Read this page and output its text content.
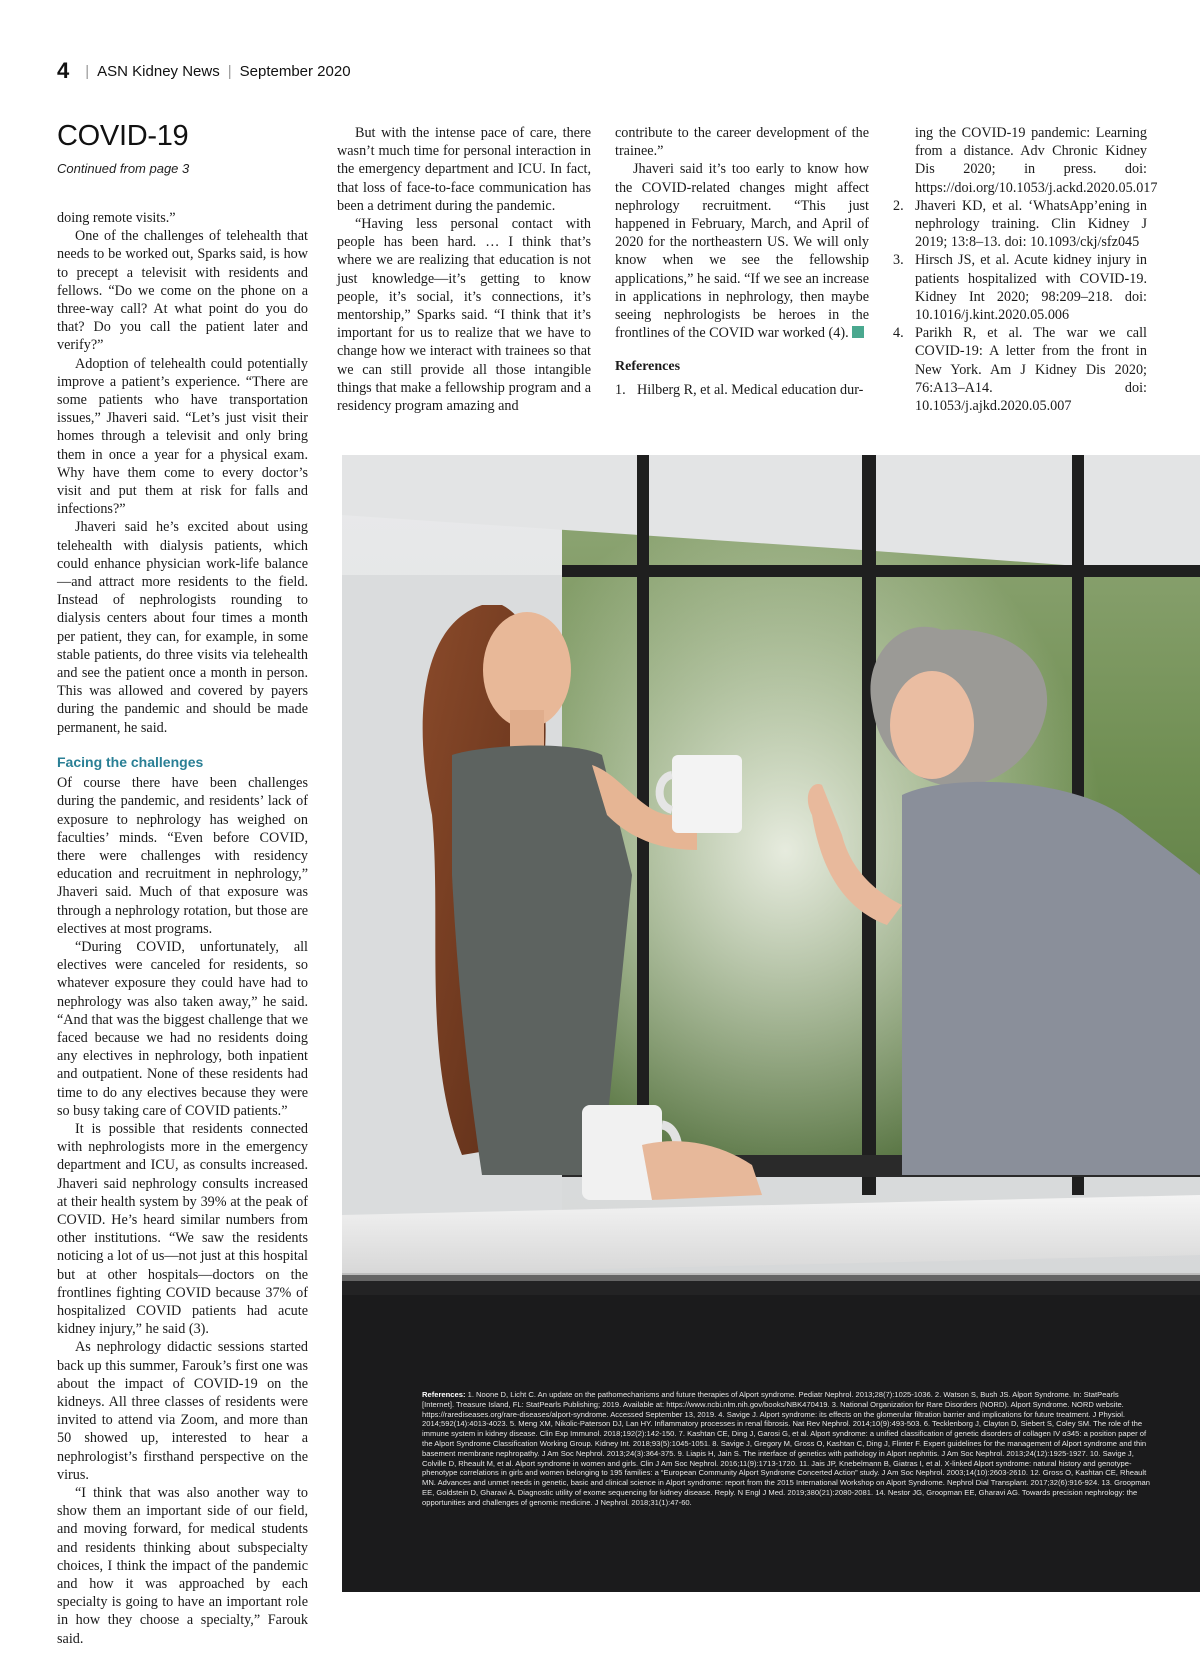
4 | ASN Kidney News | September 2020
COVID-19
Continued from page 3

doing remote visits.”

One of the challenges of telehealth that needs to be worked out, Sparks said, is how to precept a televisit with residents and fellows. “Do we come on the phone on a three-way call? At what point do you do that? Do you call the patient later and verify?”

Adoption of telehealth could potentially improve a patient’s experience. “There are some patients who have transportation issues,” Jhaveri said. “Let’s just visit their homes through a televisit and only bring them in once a year for a physical exam. Why have them come to every doctor’s visit and put them at risk for falls and infections?”

Jhaveri said he’s excited about using telehealth with dialysis patients, which could enhance physician work-life balance—and attract more residents to the field. Instead of nephrologists rounding to dialysis centers about four times a month per patient, they can, for example, in some stable patients, do three visits via telehealth and see the patient once a month in person. This was allowed and covered by payers during the pandemic and should be made permanent, he said.

Facing the challenges

Of course there have been challenges during the pandemic, and residents’ lack of exposure to nephrology has weighed on faculties’ minds. “Even before COVID, there were challenges with residency education and recruitment in nephrology,” Jhaveri said. Much of that exposure was through a nephrology rotation, but those are electives at most programs.

“During COVID, unfortunately, all electives were canceled for residents, so whatever exposure they could have had to nephrology was also taken away,” he said. “And that was the biggest challenge that we faced because we had no residents doing any electives in nephrology, both inpatient and outpatient. None of these residents had time to do any electives because they were so busy taking care of COVID patients.”

It is possible that residents connected with nephrologists more in the emergency department and ICU, as consults increased. Jhaveri said nephrology consults increased at their health system by 39% at the peak of COVID. He’s heard similar numbers from other institutions. “We saw the residents noticing a lot of us—not just at this hospital but at other hospitals—doctors on the frontlines fighting COVID because 37% of hospitalized COVID patients had acute kidney injury,” he said (3).

As nephrology didactic sessions started back up this summer, Farouk’s first one was about the impact of COVID-19 on the kidneys. All three classes of residents were invited to attend via Zoom, and more than 50 showed up, interested to hear a nephrologist’s firsthand perspective on the virus.

“I think that was also another way to show them an important side of our field, and moving forward, for medical students and residents thinking about subspecialty choices, I think the impact of the pandemic and how it was approached by each specialty is going to have an important role in how they choose a specialty,” Farouk said.

But with the intense pace of care, there wasn’t much time for personal interaction in the emergency department and ICU. In fact, that loss of face-to-face communication has been a detriment during the pandemic.

“Having less personal contact with people has been hard. … I think that’s where we are realizing that education is not just knowledge—it’s getting to know people, it’s social, it’s connections, it’s mentorship,” Sparks said. “I think that it’s important for us to realize that we have to change how we interact with trainees so that we can still provide all those intangible things that make a fellowship program and a residency program amazing and

contribute to the career development of the trainee.”

Jhaveri said it’s too early to know how the COVID-related changes might affect nephrology recruitment. “This just happened in February, March, and April of 2020 for the northeastern US. We will only know when we see the fellowship applications,” he said. “If we see an increase in applications in nephrology, then maybe seeing nephrologists be heroes in the frontlines of the COVID war worked (4).

References
1. Hilberg R, et al. Medical education dur-
ing the COVID-19 pandemic: Learning from a distance. Adv Chronic Kidney Dis 2020; in press. doi: https://doi.org/10.1053/j.ackd.2020.05.017
2. Jhaveri KD, et al. ‘WhatsApp’ening in nephrology training. Clin Kidney J 2019; 13:8–13. doi: 10.1093/ckj/sfz045
3. Hirsch JS, et al. Acute kidney injury in patients hospitalized with COVID-19. Kidney Int 2020; 98:209–218. doi: 10.1016/j.kint.2020.05.006
4. Parikh R, et al. The war we call COVID-19: A letter from the front in New York. Am J Kidney Dis 2020; 76:A13–A14. doi: 10.1053/j.ajkd.2020.05.007
References: 1. Noone D, Licht C. An update on the pathomechanisms and future therapies of Alport syndrome. Pediatr Nephrol. 2013;28(7):1025-1036. 2. Watson S, Bush JS. Alport Syndrome. In: StatPearls [Internet]. Treasure Island, FL: StatPearls Publishing; 2019. Available at: https://www.ncbi.nlm.nih.gov/books/NBK470419. 3. National Organization for Rare Disorders (NORD). Alport Syndrome. NORD website. https://rarediseases.org/rare-diseases/alport-syndrome. Accessed September 13, 2019. 4. Savige J. Alport syndrome: its effects on the glomerular filtration barrier and implications for future treatment. J Physiol. 2014;592(14):4013-4023. 5. Meng XM, Nikolic-Paterson DJ, Lan HY. Inflammatory processes in renal fibrosis. Nat Rev Nephrol. 2014;10(9):493-503. 6. Tecklenborg J, Clayton D, Siebert S, Coley SM. The role of the immune system in kidney disease. Clin Exp Immunol. 2018;192(2):142-150. 7. Kashtan CE, Ding J, Garosi G, et al. Alport syndrome: a unified classification of genetic disorders of collagen IV α345: a position paper of the Alport Syndrome Classification Working Group. Kidney Int. 2018;93(5):1045-1051. 8. Savige J, Gregory M, Gross O, Kashtan C, Ding J, Flinter F. Expert guidelines for the management of Alport syndrome and thin basement membrane nephropathy. J Am Soc Nephrol. 2013;24(3):364-375. 9. Liapis H, Jain S. The interface of genetics with pathology in Alport nephritis. J Am Soc Nephrol. 2013;24(12):1925-1927. 10. Savige J, Colville D, Rheault M, et al. Alport syndrome in women and girls. Clin J Am Soc Nephrol. 2016;11(9):1713-1720. 11. Jais JP, Knebelmann B, Giatras I, et al. X-linked Alport syndrome: natural history and genotype-phenotype correlations in girls and women belonging to 195 families: a “European Community Alport Syndrome Concerted Action” study. J Am Soc Nephrol. 2003;14(10):2603-2610. 12. Gross O, Kashtan CE, Rheault MN. Advances and unmet needs in genetic, basic and clinical science in Alport syndrome: report from the 2015 International Workshop on Alport Syndrome. Nephrol Dial Transplant. 2017;32(6):916-924. 13. Groopman EE, Goldstein D, Gharavi A. Diagnostic utility of exome sequencing for kidney disease. Reply. N Engl J Med. 2019;380(21):2080-2081. 14. Nestor JG, Groopman EE, Gharavi AG. Towards precision nephrology: the opportunities and challenges of genomic medicine. J Nephrol. 2018;31(1):47-60.
